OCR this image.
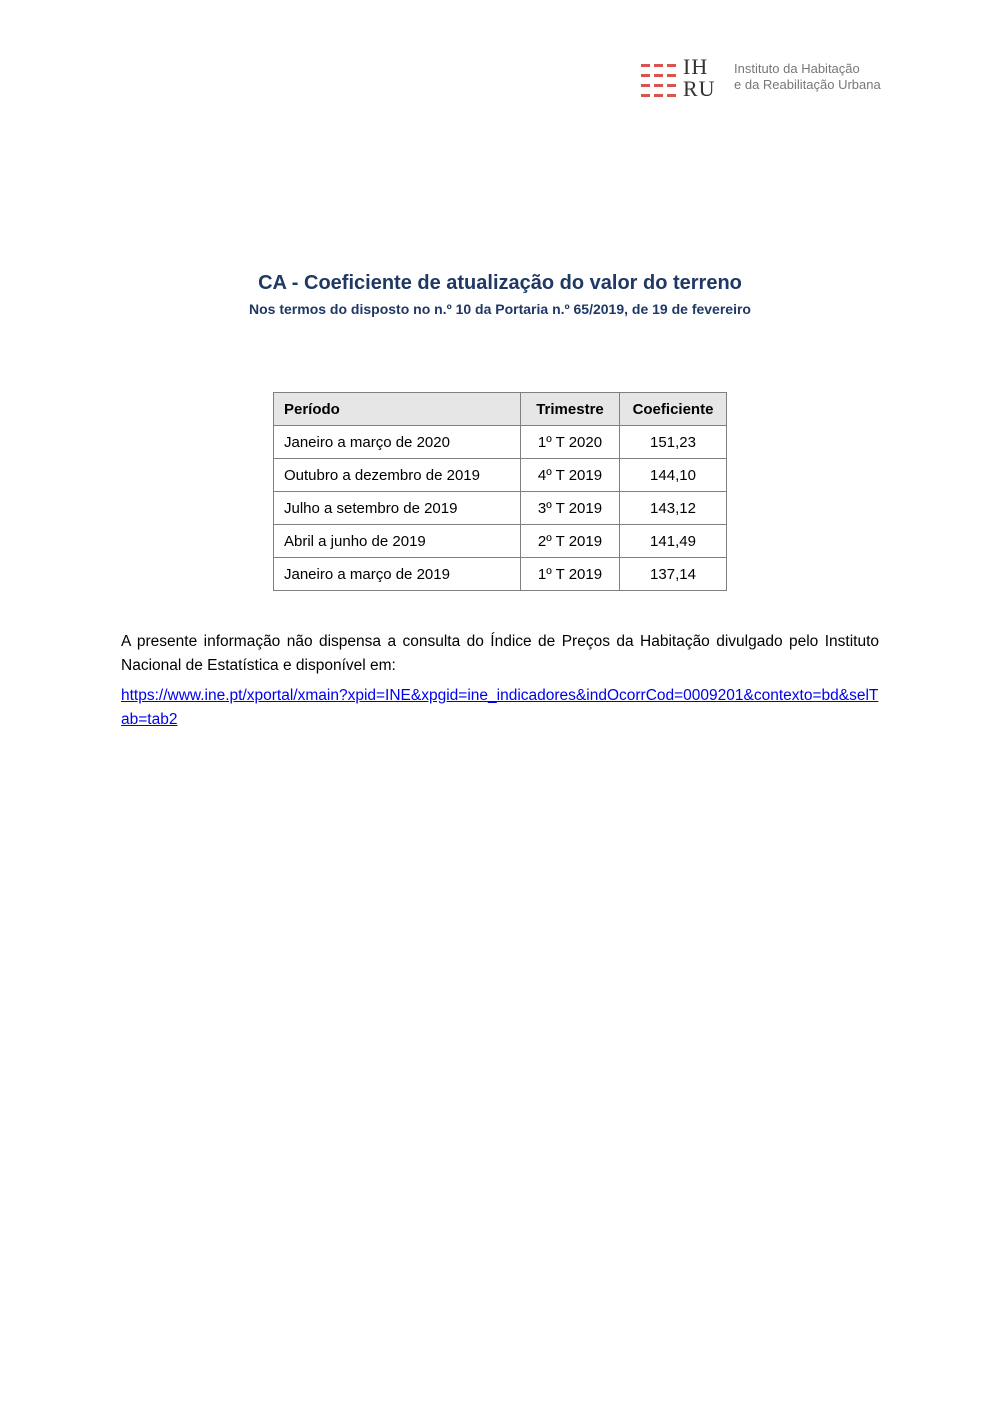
IH
RU
Instituto da Habitação
e da Reabilitação Urbana
CA - Coeficiente de atualização do valor do terreno

Nos termos do disposto no n.º 10 da Portaria n.º 65/2019, de 19 de fevereiro

Período	Trimestre	Coeficiente
Janeiro a março de 2020	1º T 2020	151,23
Outubro a dezembro de 2019	4º T 2019	144,10
Julho a setembro de 2019	3º T 2019	143,12
Abril a junho de 2019	2º T 2019	141,49
Janeiro a março de 2019	1º T 2019	137,14

A presente informação não dispensa a consulta do Índice de Preços da Habitação divulgado pelo Instituto Nacional de Estatística e disponível em:

https://www.ine.pt/xportal/xmain?xpid=INE&xpgid=ine_indicadores&indOcorrCod=0009201&contexto=bd&selTab=tab2
